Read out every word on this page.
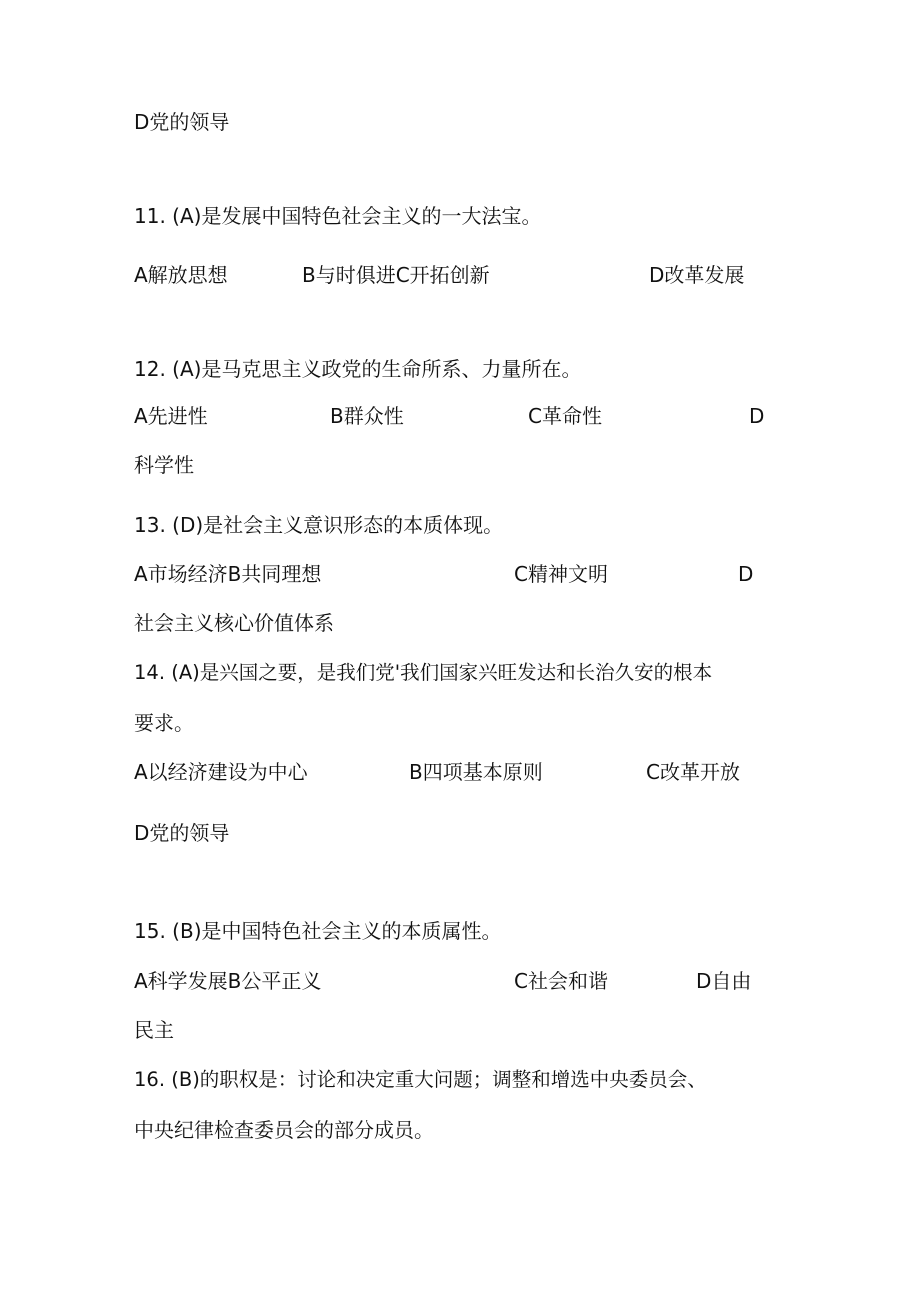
D党的领导
11. (A)是发展中国特色社会主义的一大法宝。
A解放思想	B与时俱进C开拓创新	D改革发展
12. (A)是马克思主义政党的生命所系、力量所在。
A先进性	B群众性	C革命性	D
科学性
13. (D)是社会主义意识形态的本质体现。
A市场经济B共同理想	C精神文明	D
社会主义核心价值体系
14. (A)是兴国之要，是我们党'我们国家兴旺发达和长治久安的根本
要求。
A以经济建设为中心	B四项基本原则	C改革开放
D党的领导
15. (B)是中国特色社会主义的本质属性。
A科学发展B公平正义	C社会和谐	D自由
民主
16. (B)的职权是：讨论和决定重大问题；调整和增选中央委员会、
中央纪律检查委员会的部分成员。
